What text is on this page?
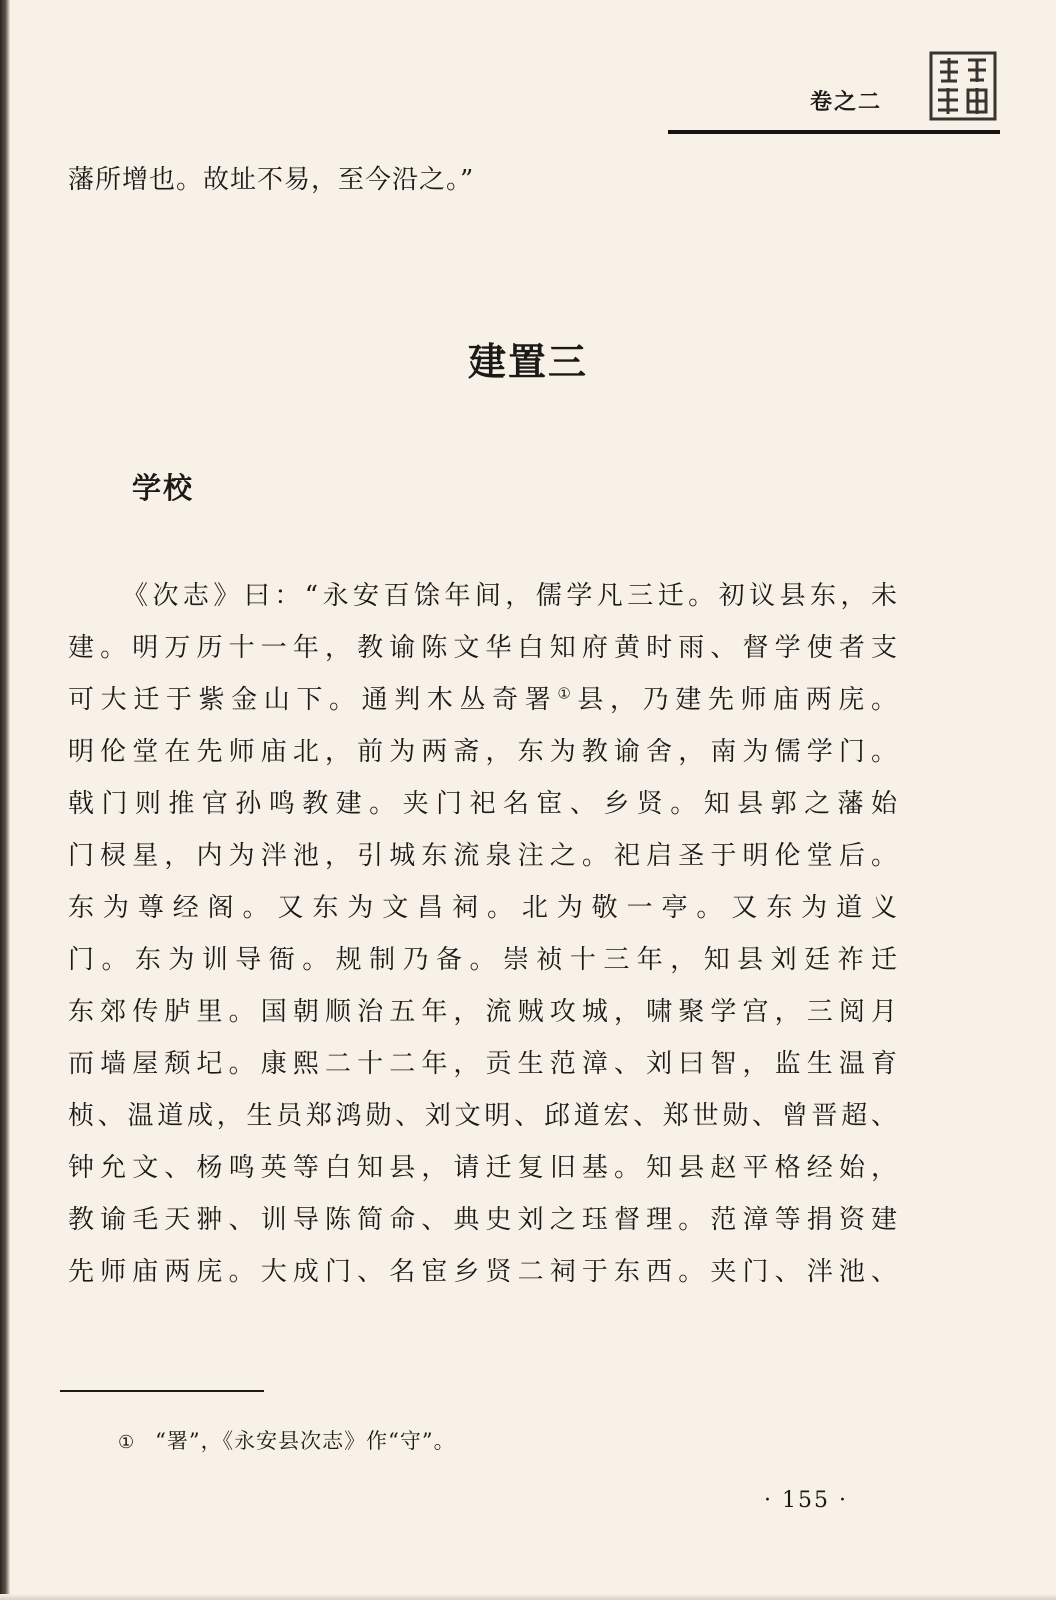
卷之二
藩所增也。故址不易，至今沿之。”
建置三
学校
《次志》曰：“永安百馀年间，儒学凡三迁。初议县东，未
建。明万历十一年，教谕陈文华白知府黄时雨、督学使者支
可大迁于紫金山下。通判木丛奇署①县，乃建先师庙两庑。
明伦堂在先师庙北，前为两斋，东为教谕舍，南为儒学门。
戟门则推官孙鸣教建。夹门祀名宦、乡贤。知县郭之藩始
门棂星，内为泮池，引城东流泉注之。祀启圣于明伦堂后。
东为尊经阁。又东为文昌祠。北为敬一亭。又东为道义
门。东为训导衙。规制乃备。崇祯十三年，知县刘廷祚迁
东郊传胪里。国朝顺治五年，流贼攻城，啸聚学宫，三阅月
而墙屋颓圮。康熙二十二年，贡生范漳、刘曰智，监生温育
桢、温道成，生员郑鸿勋、刘文明、邱道宏、郑世勋、曾晋超、
钟允文、杨鸣英等白知县，请迁复旧基。知县赵平格经始，
教谕毛天翀、训导陈简命、典史刘之珏督理。范漳等捐资建
先师庙两庑。大成门、名宦乡贤二祠于东西。夹门、泮池、
① “署”，《永安县次志》作“守”。
· 155 ·
